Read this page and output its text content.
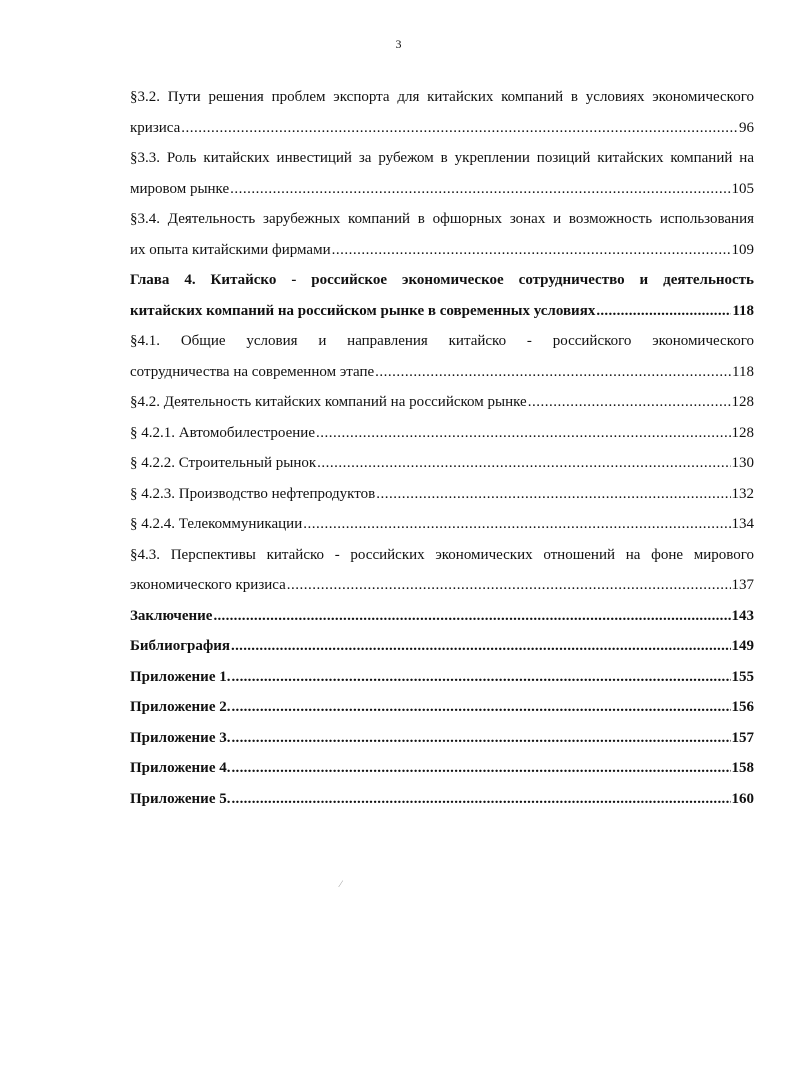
3
§3.2. Пути решения проблем экспорта для китайских компаний в условиях экономического
кризиса .....	96
§3.3. Роль китайских инвестиций за рубежом в укреплении позиций китайских компаний на
мировом рынке .....	105
§3.4. Деятельность зарубежных компаний в офшорных зонах и возможность использования
их опыта китайскими фирмами .....	109
Глава 4. Китайско - российское экономическое сотрудничество и деятельность
китайских компаний на российском рынке в современных условиях .....	118
§4.1. Общие условия и направления китайско - российского экономического
сотрудничества на современном этапе .....	118
§4.2. Деятельность китайских компаний на российском рынке .....	128
§ 4.2.1. Автомобилестроение .....	128
§ 4.2.2. Строительный рынок .....	130
§ 4.2.3. Производство нефтепродуктов .....	132
§ 4.2.4. Телекоммуникации .....	134
§4.3. Перспективы китайско - российских экономических отношений на фоне мирового
экономического кризиса .....	137
Заключение .....	143
Библиография .....	149
Приложение 1. .....	155
Приложение 2. .....	156
Приложение 3. .....	157
Приложение 4. .....	158
Приложение 5. .....	160
⁄
